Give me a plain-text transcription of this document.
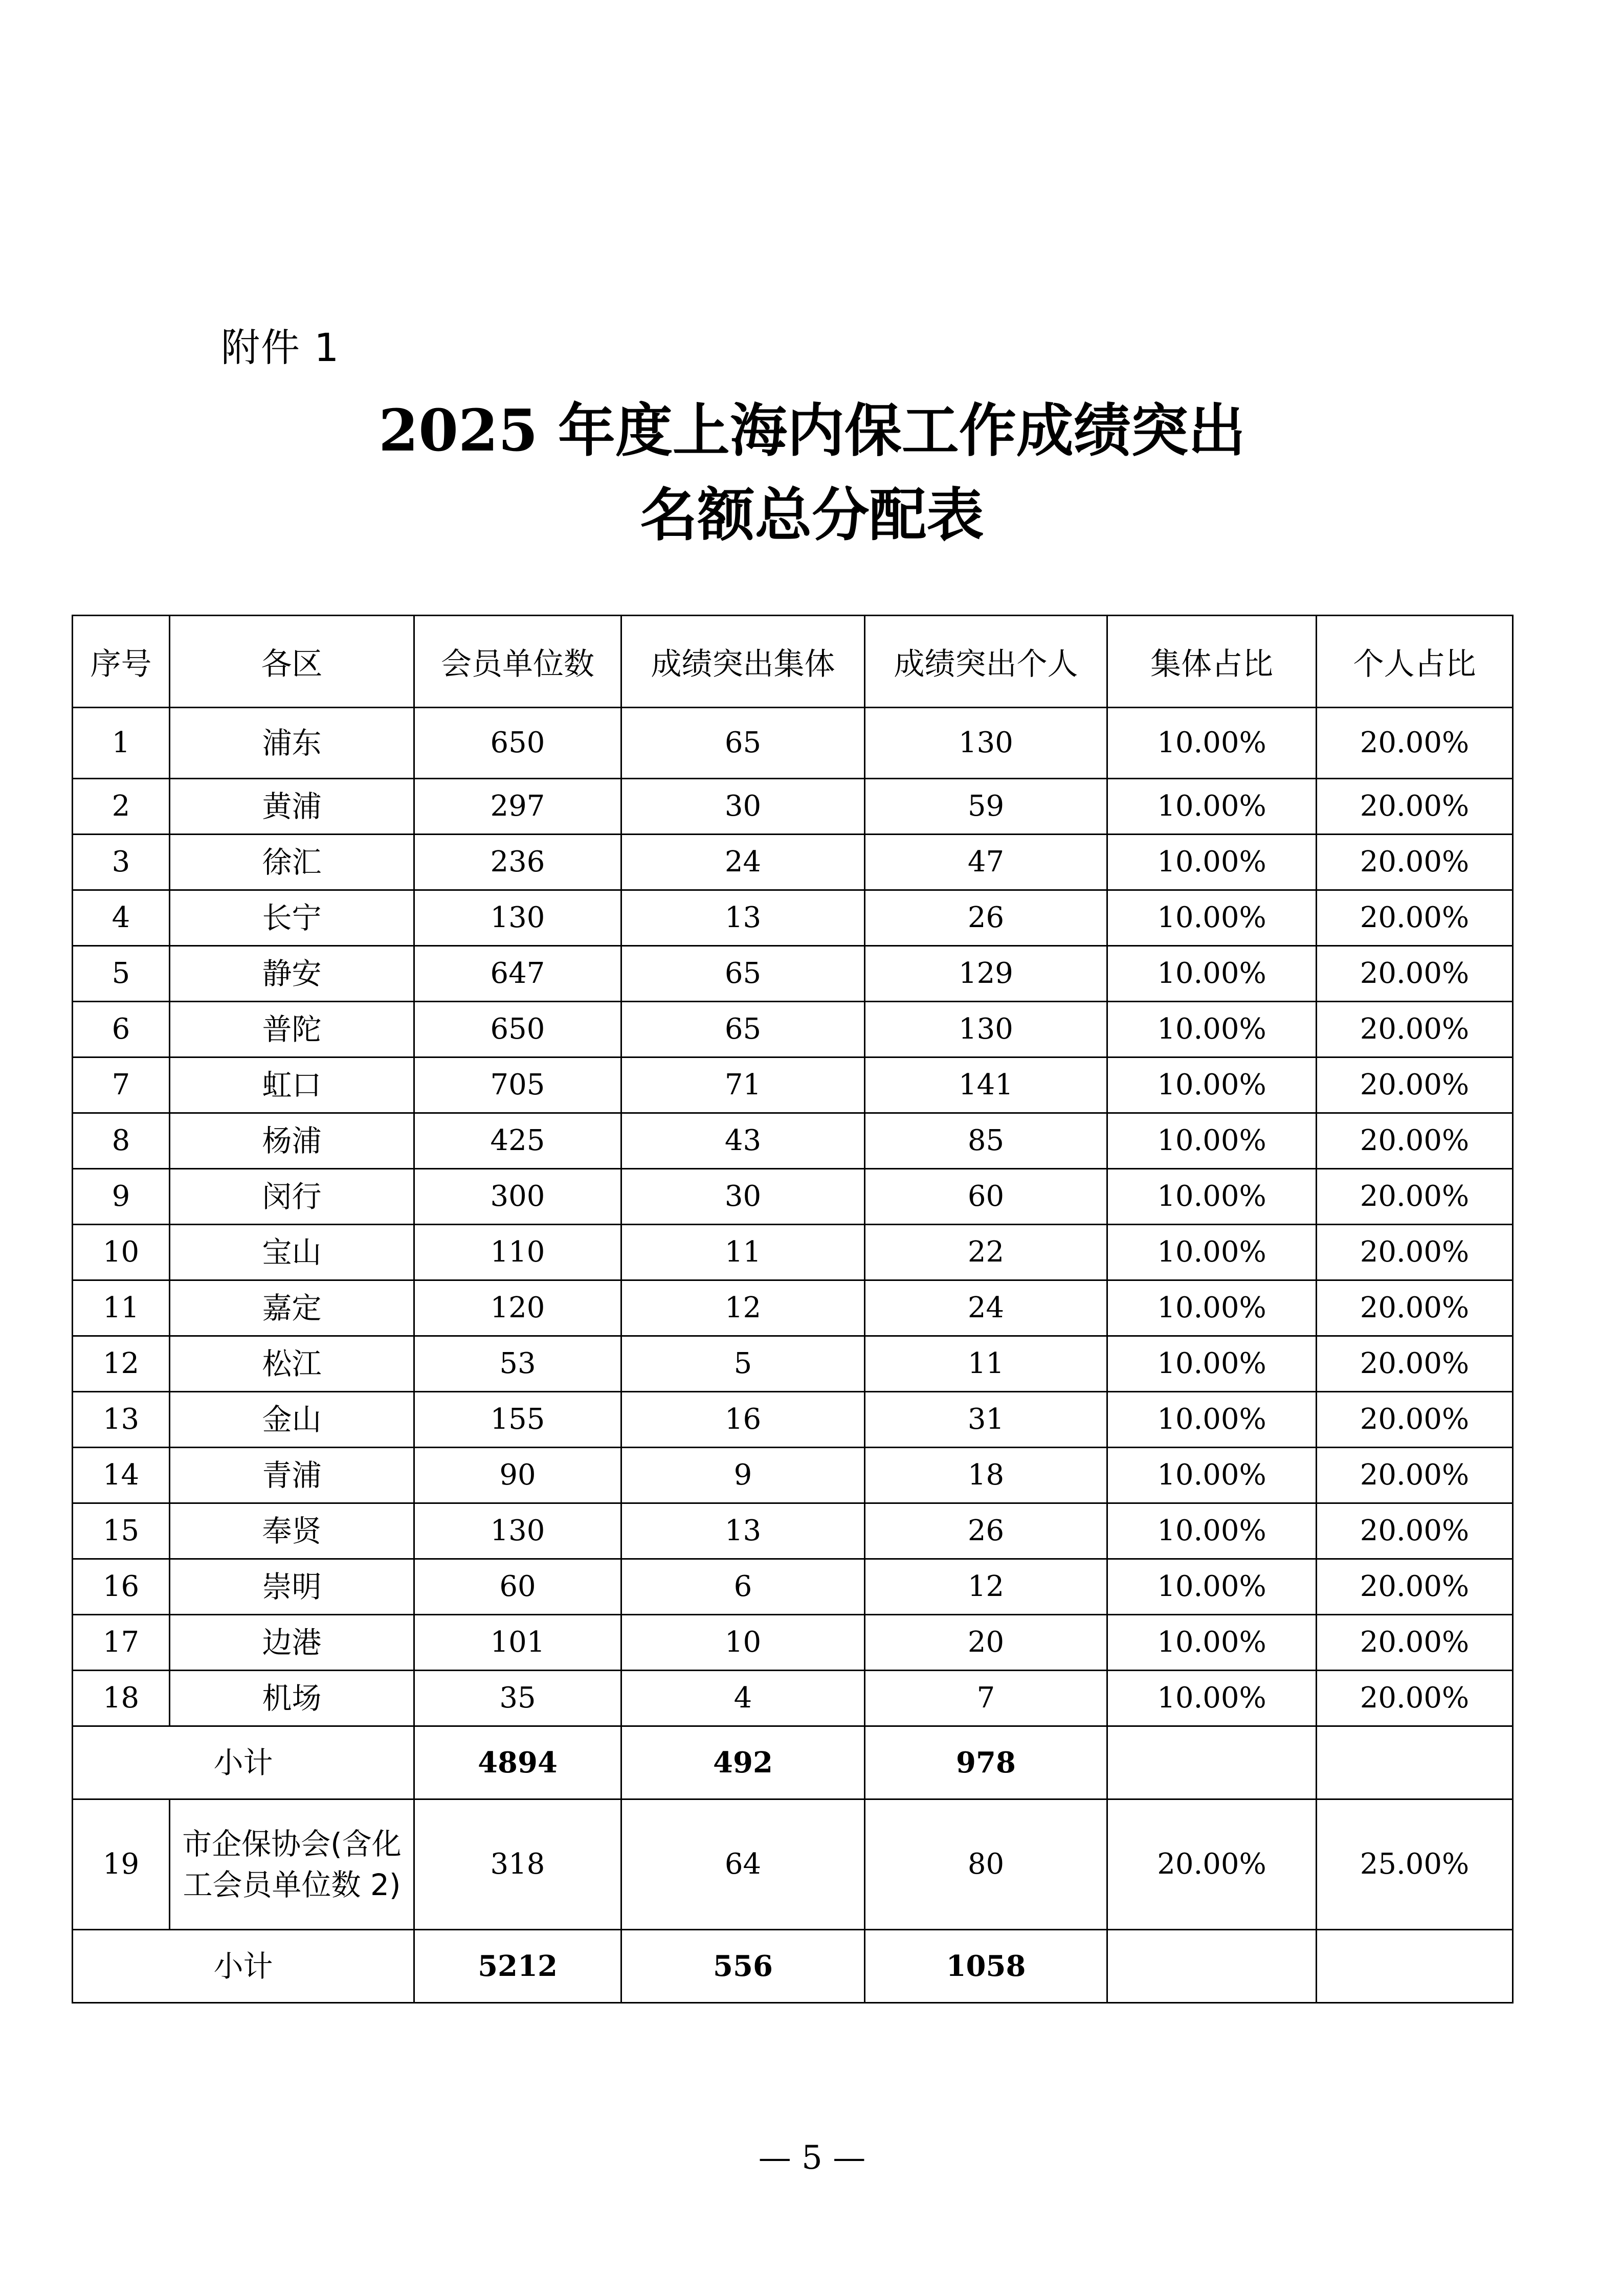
附件 1
2025 年度上海内保工作成绩突出
名额总分配表
序号	各区	会员单位数	成绩突出集体	成绩突出个人	集体占比	个人占比
1	浦东	650	65	130	10.00%	20.00%
2	黄浦	297	30	59	10.00%	20.00%
3	徐汇	236	24	47	10.00%	20.00%
4	长宁	130	13	26	10.00%	20.00%
5	静安	647	65	129	10.00%	20.00%
6	普陀	650	65	130	10.00%	20.00%
7	虹口	705	71	141	10.00%	20.00%
8	杨浦	425	43	85	10.00%	20.00%
9	闵行	300	30	60	10.00%	20.00%
10	宝山	110	11	22	10.00%	20.00%
11	嘉定	120	12	24	10.00%	20.00%
12	松江	53	5	11	10.00%	20.00%
13	金山	155	16	31	10.00%	20.00%
14	青浦	90	9	18	10.00%	20.00%
15	奉贤	130	13	26	10.00%	20.00%
16	崇明	60	6	12	10.00%	20.00%
17	边港	101	10	20	10.00%	20.00%
18	机场	35	4	7	10.00%	20.00%
小计		4894	492	978		
19	市企保协会(含化工会员单位数 2)	318	64	80	20.00%	25.00%
小计		5212	556	1058		
— 5 —
